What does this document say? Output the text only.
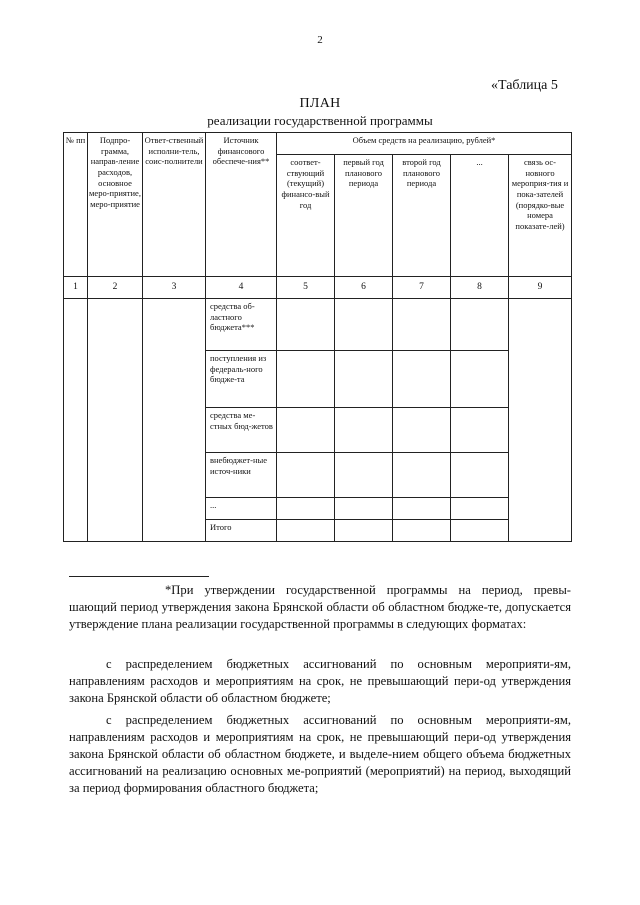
2
«Таблица 5
ПЛАН
реализации государственной программы
№ пп	Подпро-грамма, направ-ление расходов, основное меро-приятие, меро-приятие	Ответ-ственный исполни-тель, соис-полнители	Источник финансового обеспече-ния**	Объем средств на реализацию, рублей*				
				соответ-ствующий (текущий) финансо-вый год	первый год планового периода	второй год планового периода	...	связь ос-новного мероприя-тия и пока-зателей (порядко-вые номера показате-лей)
1	2	3	4	5	6	7	8	9
			средства об-ластного бюджета***					
			поступления из федераль-ного бюдже-та					
			средства ме-стных бюд-жетов					
			внебюджет-ные источ-ники					
			...					
			Итого					
*При утверждении государственной программы на период, превы-шающий период утверждения закона Брянской области об областном бюдже-те, допускается утверждение плана реализации государственной программы в следующих форматах:
с распределением бюджетных ассигнований по основным мероприяти-ям, направлениям расходов и мероприятиям на срок, не превышающий пери-од утверждения закона Брянской области об областном бюджете;
с распределением бюджетных ассигнований по основным мероприяти-ям, направлениям расходов и мероприятиям на срок, не превышающий пери-од утверждения закона Брянской области об областном бюджете, и выделе-нием общего объема бюджетных ассигнований на реализацию основных ме-роприятий (мероприятий) на период, выходящий за период формирования областного бюджета;
